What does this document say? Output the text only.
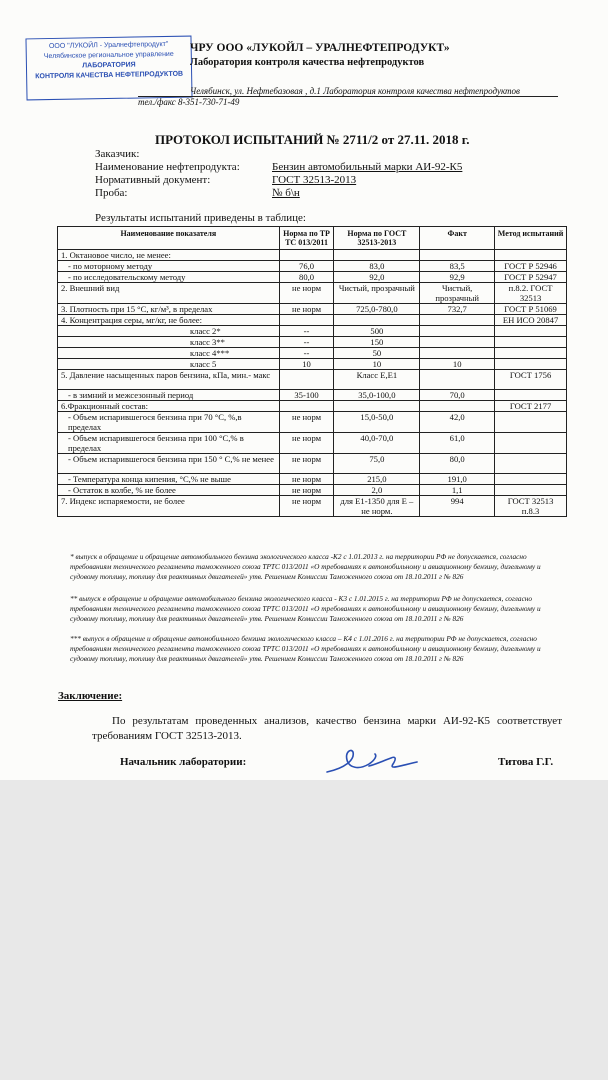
ООО "ЛУКОЙЛ - Уралнефтепродукт"
Челябинское региональное управление
ЛАБОРАТОРИЯ
КОНТРОЛЯ КАЧЕСТВА НЕФТЕПРОДУКТОВ
ЧРУ ООО «ЛУКОЙЛ – УРАЛНЕФТЕПРОДУКТ»
Лаборатория контроля качества нефтепродуктов
Челябинск, ул. Нефтебазовая , д.1 Лаборатория контроля качества нефтепродуктов
тел./факс 8-351-730-71-49
ПРОТОКОЛ ИСПЫТАНИЙ № 2711/2 от 27.11. 2018 г.
Заказчик:
Наименование нефтепродукта:	Бензин автомобильный марки АИ-92-К5
Нормативный документ:	ГОСТ 32513-2013
Проба:	№ б\н
Результаты испытаний приведены в таблице:
Наименование показателя	Норма по ТР ТС 013/2011	Норма по ГОСТ 32513-2013	Факт	Метод испытаний
1. Октановое число, не менее:				
- по моторному методу	76,0	83,0	83,5	ГОСТ Р 52946
- по исследовательскому методу	80,0	92,0	92,9	ГОСТ Р 52947
2. Внешний вид	не норм	Чистый, прозрачный	Чистый, прозрачный	п.8.2. ГОСТ 32513
3. Плотность при 15 °С, кг/м³, в пределах	не норм	725,0-780,0	732,7	ГОСТ Р 51069
4. Концентрация серы, мг/кг, не более:				ЕН ИСО 20847
класс 2*	--	500		
класс 3**	--	150		
класс 4***	--	50		
класс 5	10	10	10	
5. Давление насыщенных паров бензина, кПа, мин.- макс		Класс Е,Е1		ГОСТ 1756
- в зимний и межсезонный период	35-100	35,0-100,0	70,0	
6.Фракционный состав:				ГОСТ 2177
- Объем испарившегося бензина при 70 °С, %,в пределах	не норм	15,0-50,0	42,0	
- Объем испарившегося бензина при 100 °С,% в пределах	не норм	40,0-70,0	61,0	
- Объем испарившегося бензина при 150 ° С,% не менее	не норм	75,0	80,0	
- Температура конца кипения, °С,% не выше	не норм	215,0	191,0	
- Остаток в колбе, % не более	не норм	2,0	1,1	
7. Индекс испаряемости, не более	не норм	для Е1-1350 для Е –не норм.	994	ГОСТ 32513 п.8.3
* выпуск в обращение и обращение автомобильного бензина экологического класса -К2 с 1.01.2013 г. на территории РФ не допускается, согласно требованиям технического регламента таможенного союза ТРТС 013/2011 «О требованиях к автомобильному и авиационному бензину, дизельному и судовому топливу, топливу для реактивных двигателей» утв. Решением Комиссии Таможенного союза от 18.10.2011 г № 826
** выпуск в обращение и обращение автомобильного бензина экологического класса - К3 с 1.01.2015 г. на территории РФ не допускается, согласно требованиям технического регламента таможенного союза ТРТС 013/2011 «О требованиях к автомобильному и авиационному бензину, дизельному и судовому топливу, топливу для реактивных двигателей» утв. Решением Комиссии Таможенного союза от 18.10.2011 г № 826
*** выпуск в обращение и обращение автомобильного бензина экологического класса – К4 с 1.01.2016 г. на территории РФ не допускается, согласно требованиям технического регламента таможенного союза ТРТС 013/2011 «О требованиях к автомобильному и авиационному бензину, дизельному и судовому топливу, топливу для реактивных двигателей» утв. Решением Комиссии Таможенного союза от 18.10.2011 г № 826
Заключение:
По результатам проведенных анализов, качество бензина марки АИ-92-К5 соответствует требованиям ГОСТ 32513-2013.
Начальник лаборатории:	Титова Г.Г.
